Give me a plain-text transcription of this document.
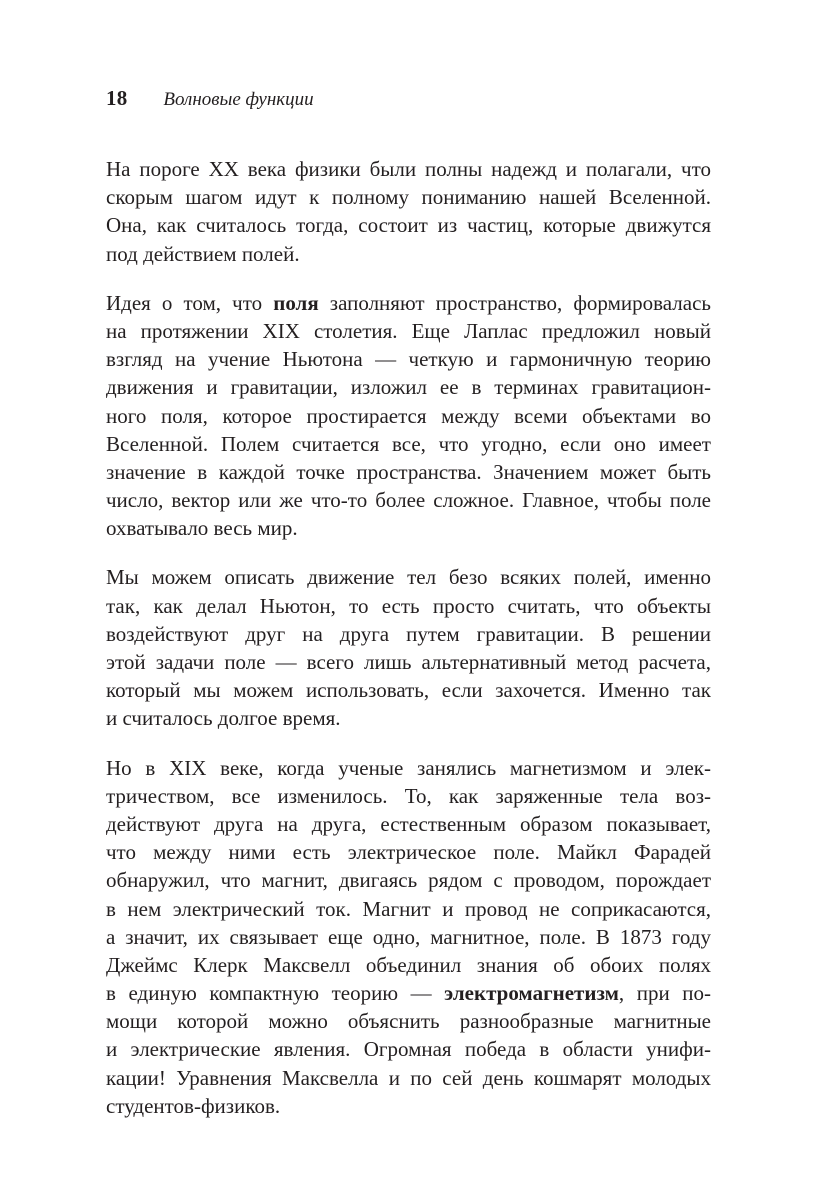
18 Волновые функции
На пороге XX века физики были полны надежд и полагали, что
скорым шагом идут к полному пониманию нашей Вселенной.
Она, как считалось тогда, состоит из частиц, которые движутся
под действием полей.
Идея о том, что поля заполняют пространство, формировалась
на протяжении XIX столетия. Еще Лаплас предложил новый
взгляд на учение Ньютона — четкую и гармоничную теорию
движения и гравитации, изложил ее в терминах гравитацион-
ного поля, которое простирается между всеми объектами во
Вселенной. Полем считается все, что угодно, если оно имеет
значение в каждой точке пространства. Значением может быть
число, вектор или же что-то более сложное. Главное, чтобы поле
охватывало весь мир.
Мы можем описать движение тел безо всяких полей, именно
так, как делал Ньютон, то есть просто считать, что объекты
воздействуют друг на друга путем гравитации. В решении
этой задачи поле — всего лишь альтернативный метод расчета,
который мы можем использовать, если захочется. Именно так
и считалось долгое время.
Но в XIX веке, когда ученые занялись магнетизмом и элек-
тричеством, все изменилось. То, как заряженные тела воз-
действуют друга на друга, естественным образом показывает,
что между ними есть электрическое поле. Майкл Фарадей
обнаружил, что магнит, двигаясь рядом с проводом, порождает
в нем электрический ток. Магнит и провод не соприкасаются,
а значит, их связывает еще одно, магнитное, поле. В 1873 году
Джеймс Клерк Максвелл объединил знания об обоих полях
в единую компактную теорию — электромагнетизм, при по-
мощи которой можно объяснить разнообразные магнитные
и электрические явления. Огромная победа в области унифи-
кации! Уравнения Максвелла и по сей день кошмарят молодых
студентов-физиков.
